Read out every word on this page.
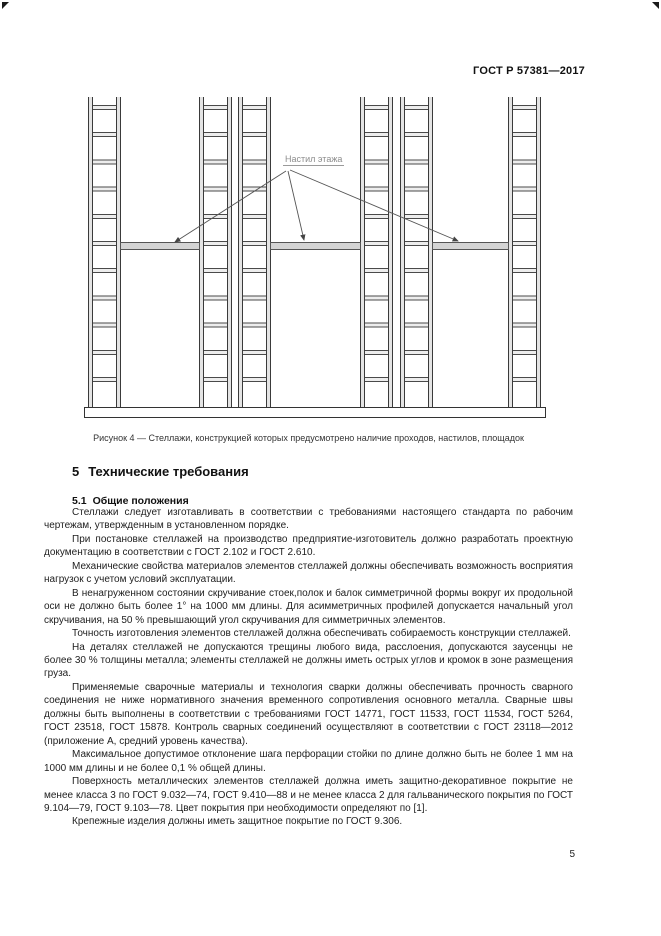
ГОСТ Р 57381—2017
Настил этажа
Рисунок 4 — Стеллажи, конструкцией которых предусмотрено наличие проходов, настилов, площадок
5 Технические требования
5.1 Общие положения

Стеллажи следует изготавливать в соответствии с требованиями настоящего стандарта по рабочим чертежам, утвержденным в установленном порядке.

При постановке стеллажей на производство предприятие-изготовитель должно разработать проектную документацию в соответствии с ГОСТ 2.102 и ГОСТ 2.610.

Механические свойства материалов элементов стеллажей должны обеспечивать возможность восприятия нагрузок с учетом условий эксплуатации.

В ненагруженном состоянии скручивание стоек,полок и балок симметричной формы вокруг их продольной оси не должно быть более 1° на 1000 мм длины. Для асимметричных профилей допускается начальный угол скручивания, на 50 % превышающий угол скручивания для симметричных элементов.

Точность изготовления элементов стеллажей должна обеспечивать собираемость конструкции стеллажей.

На деталях стеллажей не допускаются трещины любого вида, расслоения, допускаются заусенцы не более 30 % толщины металла; элементы стеллажей не должны иметь острых углов и кромок в зоне размещения груза.

Применяемые сварочные материалы и технология сварки должны обеспечивать прочность сварного соединения не ниже нормативного значения временного сопротивления основного металла. Сварные швы должны быть выполнены в соответствии с требованиями ГОСТ 14771, ГОСТ 11533, ГОСТ 11534, ГОСТ 5264, ГОСТ 23518, ГОСТ 15878. Контроль сварных соединений осуществляют в соответствии с ГОСТ 23118—2012 (приложение А, средний уровень качества).

Максимальное допустимое отклонение шага перфорации стойки по длине должно быть не более 1 мм на 1000 мм длины и не более 0,1 % общей длины.

Поверхность металлических элементов стеллажей должна иметь защитно-декоративное покрытие не менее класса 3 по ГОСТ 9.032—74, ГОСТ 9.410—88 и не менее класса 2 для гальванического покрытия по ГОСТ 9.104—79, ГОСТ 9.103—78. Цвет покрытия при необходимости определяют по [1].

Крепежные изделия должны иметь защитное покрытие по ГОСТ 9.306.

5
